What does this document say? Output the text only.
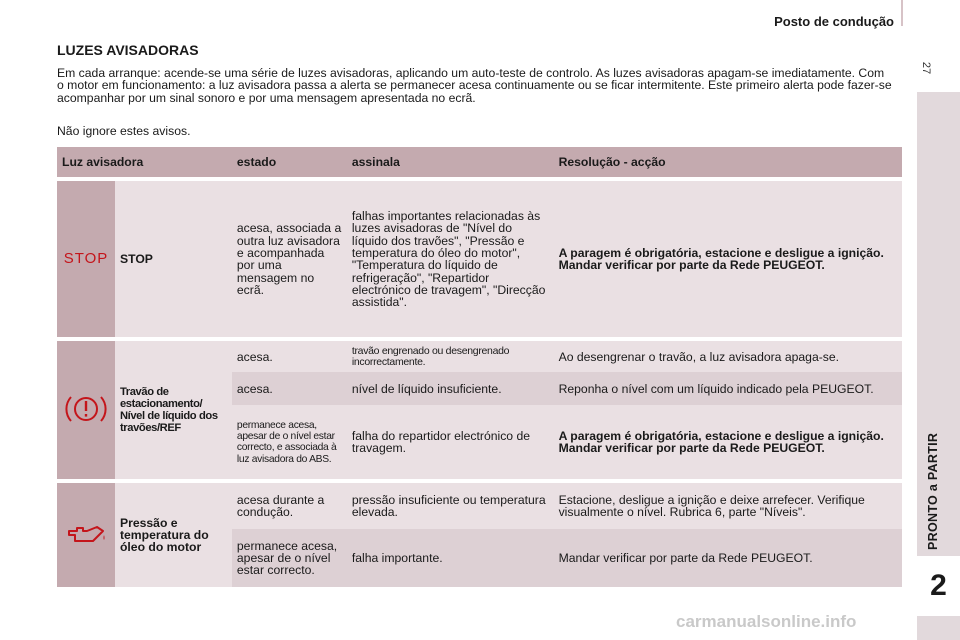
Posto de condução
27
PRONTO a PARTIR
2
LUZES AVISADORAS
Em cada arranque: acende-se uma série de luzes avisadoras, aplicando um auto-teste de controlo. As luzes avisadoras apagam-se imediatamente. Com o motor em funcionamento: a luz avisadora passa a alerta se permanecer acesa continuamente ou se ficar intermitente. Este primeiro alerta pode fazer-se acompanhar por um sinal sonoro e por uma mensagem apresentada no ecrã.
Não ignore estes avisos.
Luz avisadora		estado	assinala	Resolução - acção

STOP	STOP	acesa, associada a outra luz avisadora e acompanhada por uma mensagem no ecrã.	falhas importantes relacionadas às luzes avisadoras de "Nível do líquido dos travões", "Pressão e temperatura do óleo do motor", "Temperatura do líquido de refrigeração", "Repartidor electrónico de travagem", "Direcção assistida".	A paragem é obrigatória, estacione e desligue a ignição. Mandar verificar por parte da Rede PEUGEOT.

	Travão de estacionamento/ Nível de líquido dos travões/REF	acesa.	travão engrenado ou desengrenado incorrectamente.	Ao desengrenar o travão, a luz avisadora apaga-se.
		acesa.	nível de líquido insuficiente.	Reponha o nível com um líquido indicado pela PEUGEOT.
		permanece acesa, apesar de o nível estar correcto, e associada à luz avisadora do ABS.	falha do repartidor electrónico de travagem.	A paragem é obrigatória, estacione e desligue a ignição. Mandar verificar por parte da Rede PEUGEOT.

	Pressão e temperatura do óleo do motor	acesa durante a condução.	pressão insuficiente ou temperatura elevada.	Estacione, desligue a ignição e deixe arrefecer. Verifique visualmente o nível. Rubrica 6, parte "Níveis".
		permanece acesa, apesar de o nível estar correcto.	falha importante.	Mandar verificar por parte da Rede PEUGEOT.
carmanualsonline.info
